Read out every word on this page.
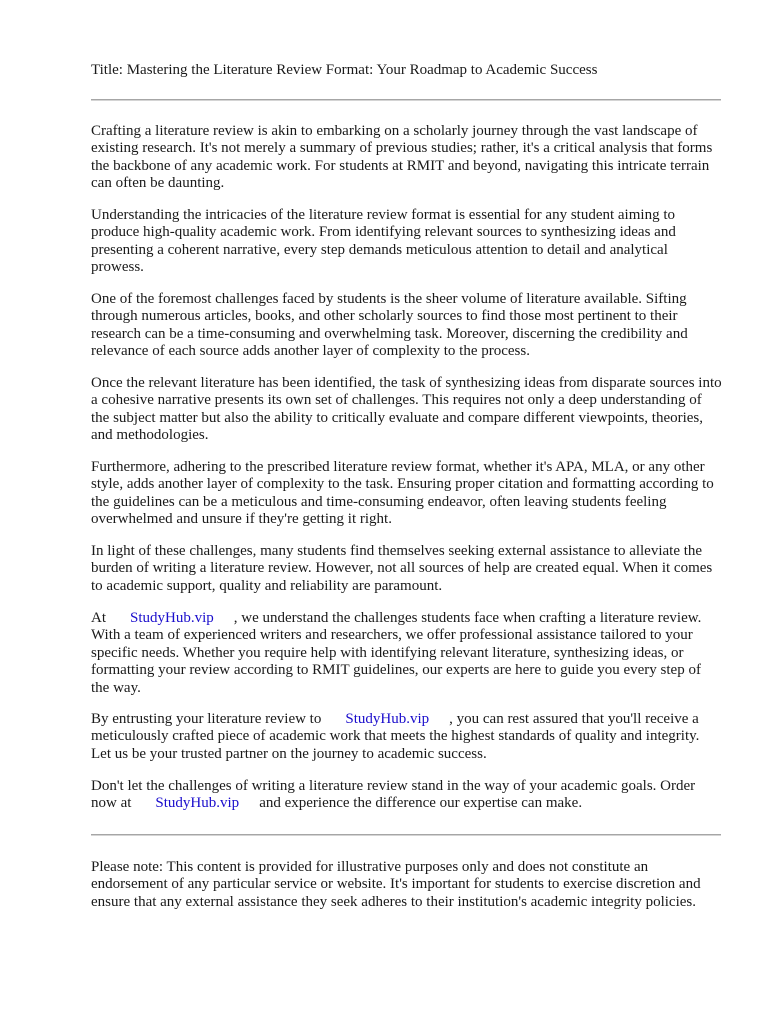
Title: Mastering the Literature Review Format: Your Roadmap to Academic Success

Crafting a literature review is akin to embarking on a scholarly journey through the vast landscape of existing research. It's not merely a summary of previous studies; rather, it's a critical analysis that forms the backbone of any academic work. For students at RMIT and beyond, navigating this intricate terrain can often be daunting.

Understanding the intricacies of the literature review format is essential for any student aiming to produce high-quality academic work. From identifying relevant sources to synthesizing ideas and presenting a coherent narrative, every step demands meticulous attention to detail and analytical prowess.

One of the foremost challenges faced by students is the sheer volume of literature available. Sifting through numerous articles, books, and other scholarly sources to find those most pertinent to their research can be a time-consuming and overwhelming task. Moreover, discerning the credibility and relevance of each source adds another layer of complexity to the process.

Once the relevant literature has been identified, the task of synthesizing ideas from disparate sources into a cohesive narrative presents its own set of challenges. This requires not only a deep understanding of the subject matter but also the ability to critically evaluate and compare different viewpoints, theories, and methodologies.

Furthermore, adhering to the prescribed literature review format, whether it's APA, MLA, or any other style, adds another layer of complexity to the task. Ensuring proper citation and formatting according to the guidelines can be a meticulous and time-consuming endeavor, often leaving students feeling overwhelmed and unsure if they're getting it right.

In light of these challenges, many students find themselves seeking external assistance to alleviate the burden of writing a literature review. However, not all sources of help are created equal. When it comes to academic support, quality and reliability are paramount.

At StudyHub.vip , we understand the challenges students face when crafting a literature review. With a team of experienced writers and researchers, we offer professional assistance tailored to your specific needs. Whether you require help with identifying relevant literature, synthesizing ideas, or formatting your review according to RMIT guidelines, our experts are here to guide you every step of the way.

By entrusting your literature review to StudyHub.vip , you can rest assured that you'll receive a meticulously crafted piece of academic work that meets the highest standards of quality and integrity. Let us be your trusted partner on the journey to academic success.

Don't let the challenges of writing a literature review stand in the way of your academic goals. Order now at StudyHub.vip and experience the difference our expertise can make.

Please note: This content is provided for illustrative purposes only and does not constitute an endorsement of any particular service or website. It's important for students to exercise discretion and ensure that any external assistance they seek adheres to their institution's academic integrity policies.
